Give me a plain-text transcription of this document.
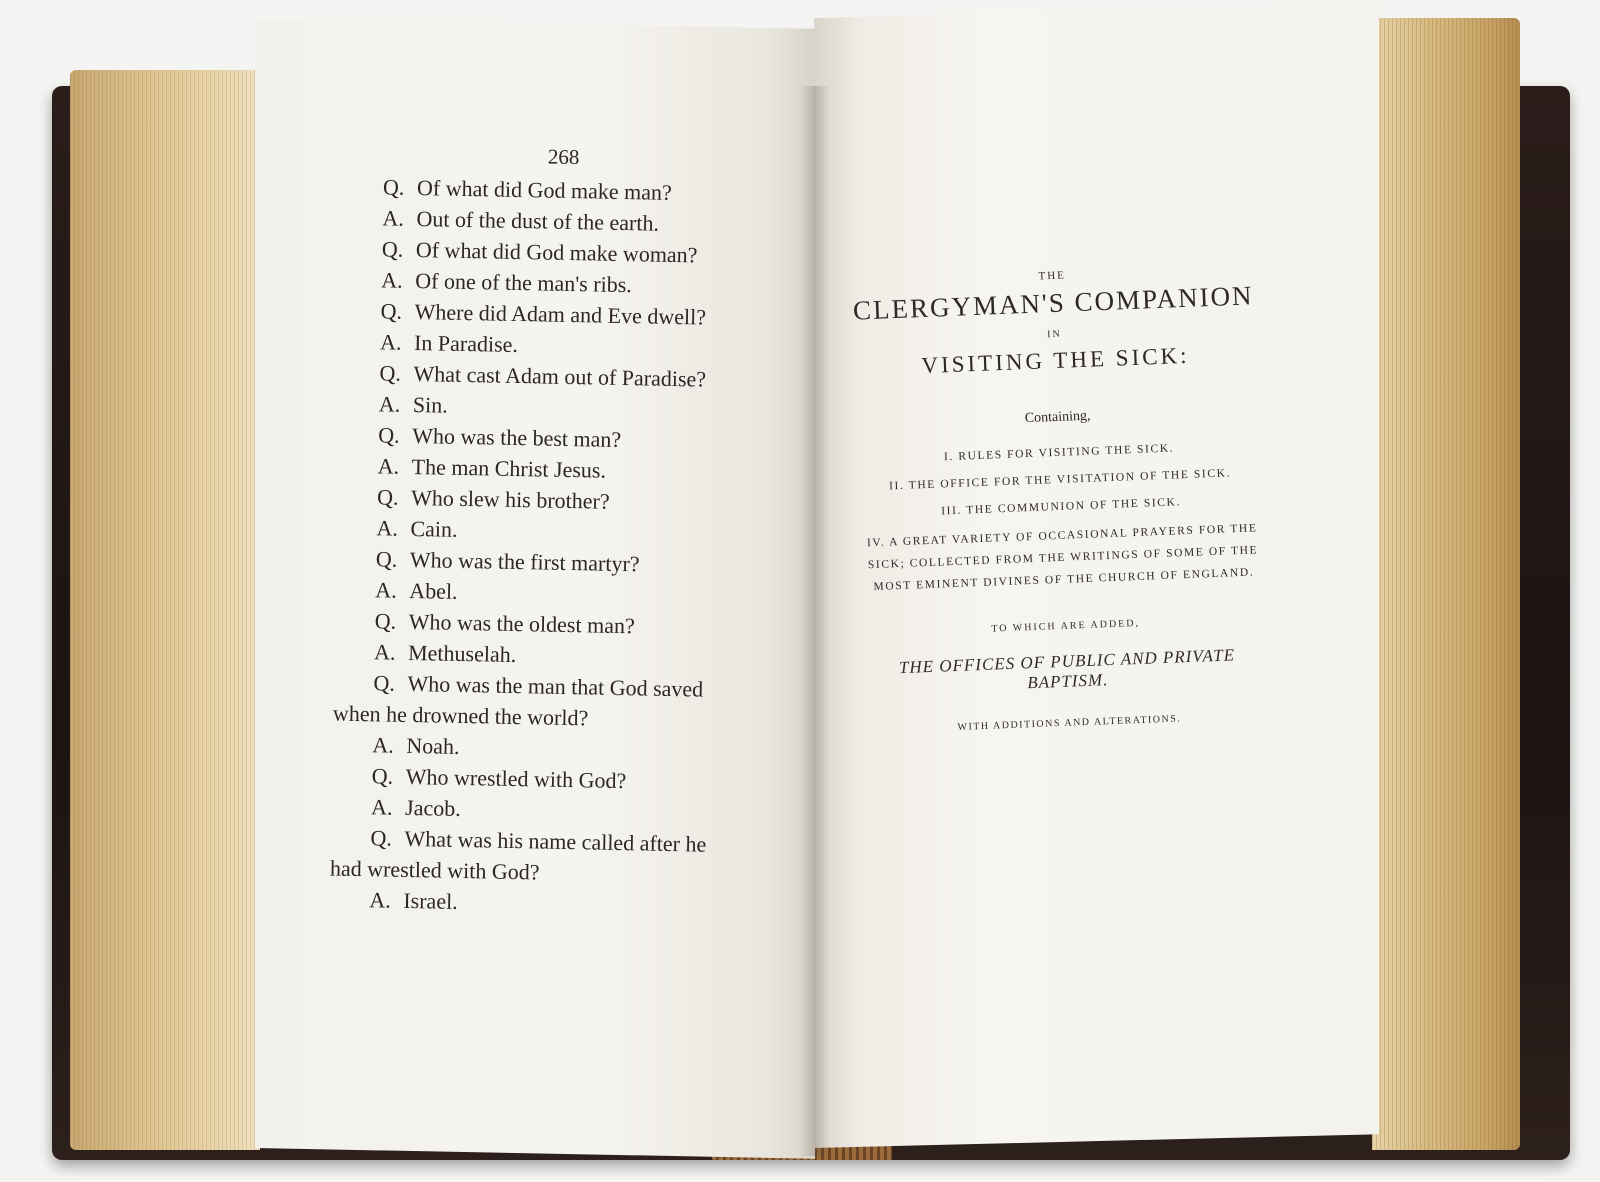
268
Q. Of what did God make man?
A. Out of the dust of the earth.
Q. Of what did God make woman?
A. Of one of the man's ribs.
Q. Where did Adam and Eve dwell?
A. In Paradise.
Q. What cast Adam out of Paradise?
A. Sin.
Q. Who was the best man?
A. The man Christ Jesus.
Q. Who slew his brother?
A. Cain.
Q. Who was the first martyr?
A. Abel.
Q. Who was the oldest man?
A. Methuselah.
Q. Who was the man that God saved
when he drowned the world?
A. Noah.
Q. Who wrestled with God?
A. Jacob.
Q. What was his name called after he
had wrestled with God?
A. Israel.
THE
CLERGYMAN'S COMPANION
IN
VISITING THE SICK:
Containing,
I. RULES FOR VISITING THE SICK.
II. THE OFFICE FOR THE VISITATION OF THE SICK.
III. THE COMMUNION OF THE SICK.
IV. A GREAT VARIETY OF OCCASIONAL PRAYERS FOR THE SICK; COLLECTED FROM THE WRITINGS OF SOME OF THE MOST EMINENT DIVINES OF THE CHURCH OF ENGLAND.
TO WHICH ARE ADDED,
THE OFFICES OF PUBLIC AND PRIVATE BAPTISM.
WITH ADDITIONS AND ALTERATIONS.
